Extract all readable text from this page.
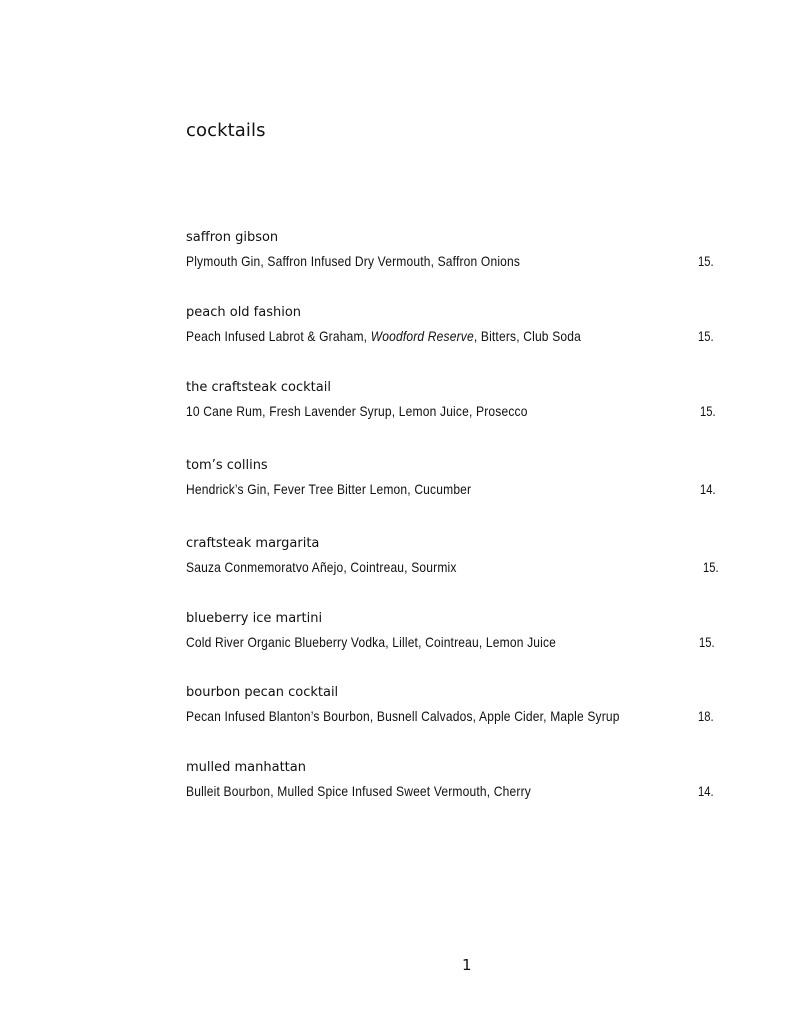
cocktails
saffron gibson
Plymouth Gin, Saffron Infused Dry Vermouth, Saffron Onions	15.
peach old fashion
Peach Infused Labrot & Graham, Woodford Reserve, Bitters, Club Soda	15.
the craftsteak cocktail
10 Cane Rum, Fresh Lavender Syrup, Lemon Juice, Prosecco	15.
tom’s collins
Hendrick’s Gin, Fever Tree Bitter Lemon, Cucumber	14.
craftsteak margarita
Sauza Conmemoratvo Añejo, Cointreau, Sourmix	15.
blueberry ice martini
Cold River Organic Blueberry Vodka, Lillet, Cointreau, Lemon Juice	15.
bourbon pecan cocktail
Pecan Infused Blanton’s Bourbon, Busnell Calvados, Apple Cider, Maple Syrup	18.
mulled manhattan
Bulleit Bourbon, Mulled Spice Infused Sweet Vermouth, Cherry	14.
1
